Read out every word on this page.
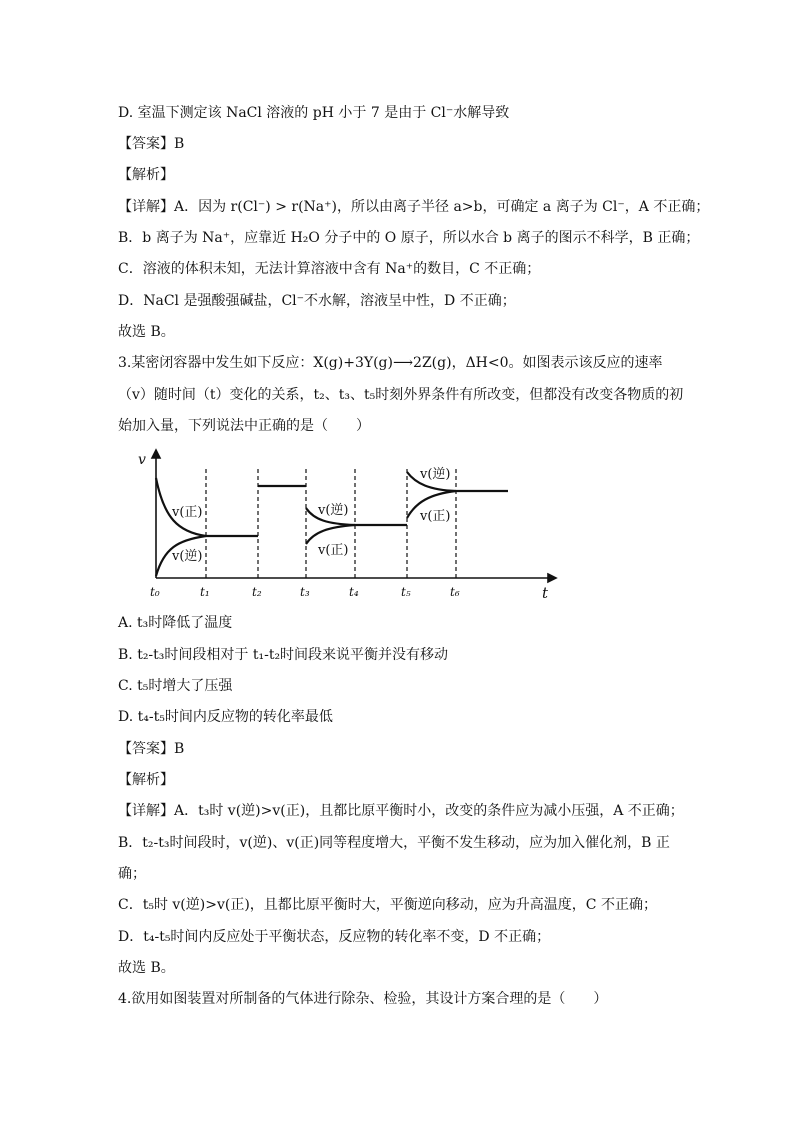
D. 室温下测定该 NaCl 溶液的 pH 小于 7 是由于 Cl⁻水解导致
【答案】B
【解析】
【详解】A．因为 r(Cl⁻) > r(Na⁺)，所以由离子半径 a>b，可确定 a 离子为 Cl⁻，A 不正确；
B．b 离子为 Na⁺，应靠近 H₂O 分子中的 O 原子，所以水合 b 离子的图示不科学，B 正确；
C．溶液的体积未知，无法计算溶液中含有 Na⁺的数目，C 不正确；
D．NaCl 是强酸强碱盐，Cl⁻不水解，溶液呈中性，D 不正确；
故选 B。
3.某密闭容器中发生如下反应：X(g)+3Y(g)⟶2Z(g)，ΔH<0。如图表示该反应的速率
（v）随时间（t）变化的关系，t₂、t₃、t₅时刻外界条件有所改变，但都没有改变各物质的初
始加入量，下列说法中正确的是（　　）
v
t
v(正)
v(逆)
v(逆)
v(正)
v(逆)
v(正)
t₀	t₁	t₂	t₃	t₄	t₅	t₆
A. t₃时降低了温度
B. t₂-t₃时间段相对于 t₁-t₂时间段来说平衡并没有移动
C. t₅时增大了压强
D. t₄-t₅时间内反应物的转化率最低
【答案】B
【解析】
【详解】A．t₃时 v(逆)>v(正)，且都比原平衡时小，改变的条件应为减小压强，A 不正确；
B．t₂-t₃时间段时，v(逆)、v(正)同等程度增大，平衡不发生移动，应为加入催化剂，B 正
确；
C．t₅时 v(逆)>v(正)，且都比原平衡时大，平衡逆向移动，应为升高温度，C 不正确；
D．t₄-t₅时间内反应处于平衡状态，反应物的转化率不变，D 不正确；
故选 B。
4.欲用如图装置对所制备的气体进行除杂、检验，其设计方案合理的是（　　）
